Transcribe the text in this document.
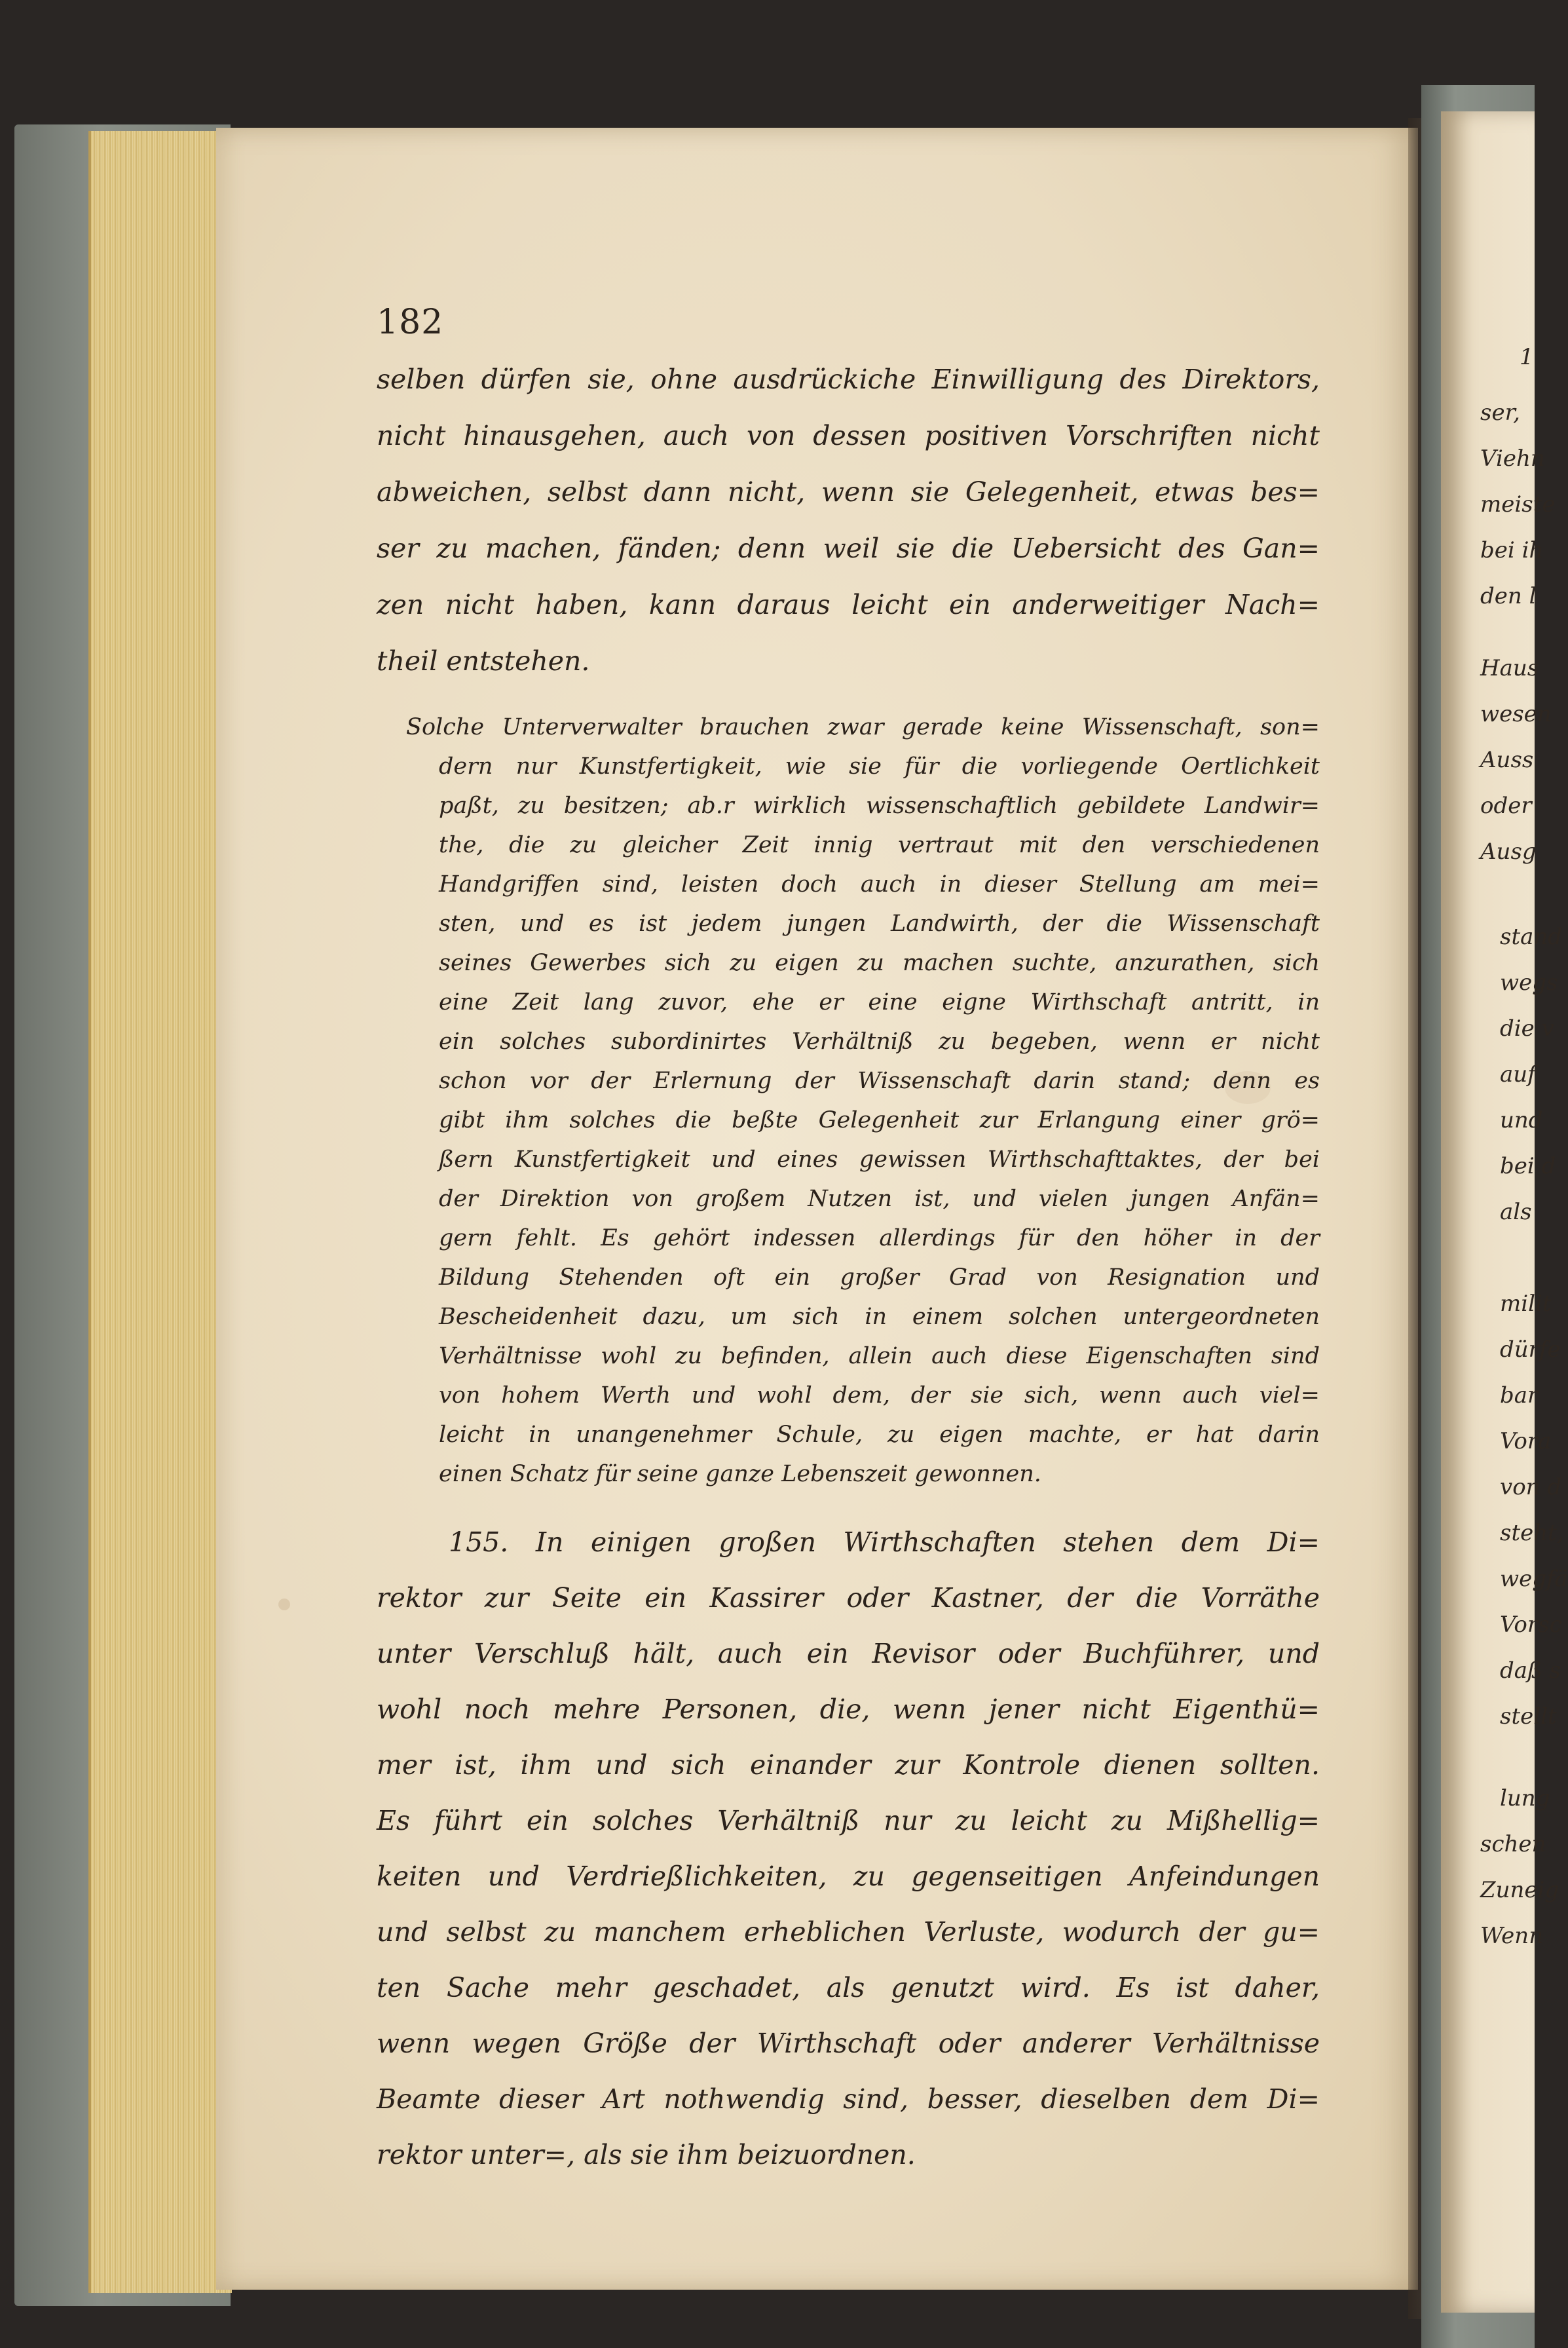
182
selben dürfen sie, ohne ausdrückiche Einwilligung des Direktors,
nicht hinausgehen, auch von dessen positiven Vorschriften nicht
abweichen, selbst dann nicht, wenn sie Gelegenheit, etwas bes=
ser zu machen, fänden; denn weil sie die Uebersicht des Gan=
zen nicht haben, kann daraus leicht ein anderweitiger Nach=
theil entstehen.
Solche Unterverwalter brauchen zwar gerade keine Wissenschaft, son=
dern nur Kunstfertigkeit, wie sie für die vorliegende Oertlichkeit
paßt, zu besitzen; ab.r wirklich wissenschaftlich gebildete Landwir=
the, die zu gleicher Zeit innig vertraut mit den verschiedenen
Handgriffen sind, leisten doch auch in dieser Stellung am mei=
sten, und es ist jedem jungen Landwirth, der die Wissenschaft
seines Gewerbes sich zu eigen zu machen suchte, anzurathen, sich
eine Zeit lang zuvor, ehe er eine eigne Wirthschaft antritt, in
ein solches subordinirtes Verhältniß zu begeben, wenn er nicht
schon vor der Erlernung der Wissenschaft darin stand; denn es
gibt ihm solches die beßte Gelegenheit zur Erlangung einer grö=
ßern Kunstfertigkeit und eines gewissen Wirthschafttaktes, der bei
der Direktion von großem Nutzen ist, und vielen jungen Anfän=
gern fehlt. Es gehört indessen allerdings für den höher in der
Bildung Stehenden oft ein großer Grad von Resignation und
Bescheidenheit dazu, um sich in einem solchen untergeordneten
Verhältnisse wohl zu befinden, allein auch diese Eigenschaften sind
von hohem Werth und wohl dem, der sie sich, wenn auch viel=
leicht in unangenehmer Schule, zu eigen machte, er hat darin
einen Schatz für seine ganze Lebenszeit gewonnen.
155. In einigen großen Wirthschaften stehen dem Di=
rektor zur Seite ein Kassirer oder Kastner, der die Vorräthe
unter Verschluß hält, auch ein Revisor oder Buchführer, und
wohl noch mehre Personen, die, wenn jener nicht Eigenthü=
mer ist, ihm und sich einander zur Kontrole dienen sollten.
Es führt ein solches Verhältniß nur zu leicht zu Mißhellig=
keiten und Verdrießlichkeiten, zu gegenseitigen Anfeindungen
und selbst zu manchem erheblichen Verluste, wodurch der gu=
ten Sache mehr geschadet, als genutzt wird. Es ist daher,
wenn wegen Größe der Wirthschaft oder anderer Verhältnisse
Beamte dieser Art nothwendig sind, besser, dieselben dem Di=
rektor unter=, als sie ihm beizuordnen.
1
ser,
Viehn
meiste
bei ih
den l
Haus
wesen
Auss
oder
Ausg
stand
wegs
die v
auf
und
bei d
als
milit
dürfe
bar
Vora
von d
steht,
wegfä
Vorsc
daß s
stellt
lung
schen
Zuneig
Wenn
